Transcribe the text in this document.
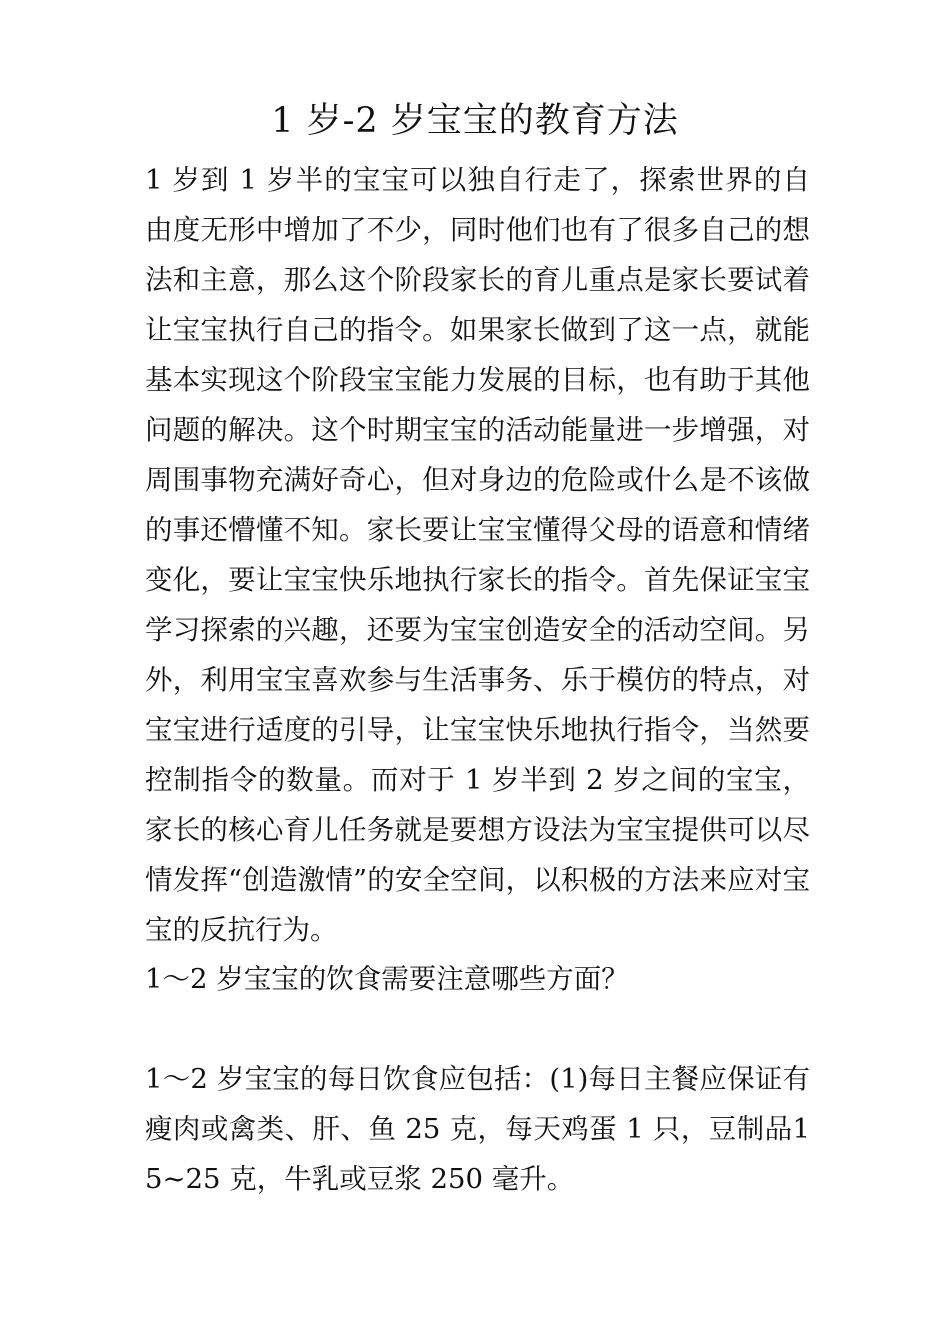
1 岁-2 岁宝宝的教育方法

1 岁到 1 岁半的宝宝可以独自行走了，探索世界的自由度无形中增加了不少，同时他们也有了很多自己的想法和主意，那么这个阶段家长的育儿重点是家长要试着让宝宝执行自己的指令。如果家长做到了这一点，就能基本实现这个阶段宝宝能力发展的目标，也有助于其他问题的解决。这个时期宝宝的活动能量进一步增强，对周围事物充满好奇心，但对身边的危险或什么是不该做的事还懵懂不知。家长要让宝宝懂得父母的语意和情绪变化，要让宝宝快乐地执行家长的指令。首先保证宝宝学习探索的兴趣，还要为宝宝创造安全的活动空间。另外，利用宝宝喜欢参与生活事务、乐于模仿的特点，对宝宝进行适度的引导，让宝宝快乐地执行指令，当然要控制指令的数量。而对于 1 岁半到 2 岁之间的宝宝，家长的核心育儿任务就是要想方设法为宝宝提供可以尽情发挥“创造激情”的安全空间，以积极的方法来应对宝宝的反抗行为。

1～2 岁宝宝的饮食需要注意哪些方面？

1～2 岁宝宝的每日饮食应包括：(1)每日主餐应保证有瘦肉或禽类、肝、鱼 25 克，每天鸡蛋 1 只，豆制品15~25 克，牛乳或豆浆 250 毫升。
